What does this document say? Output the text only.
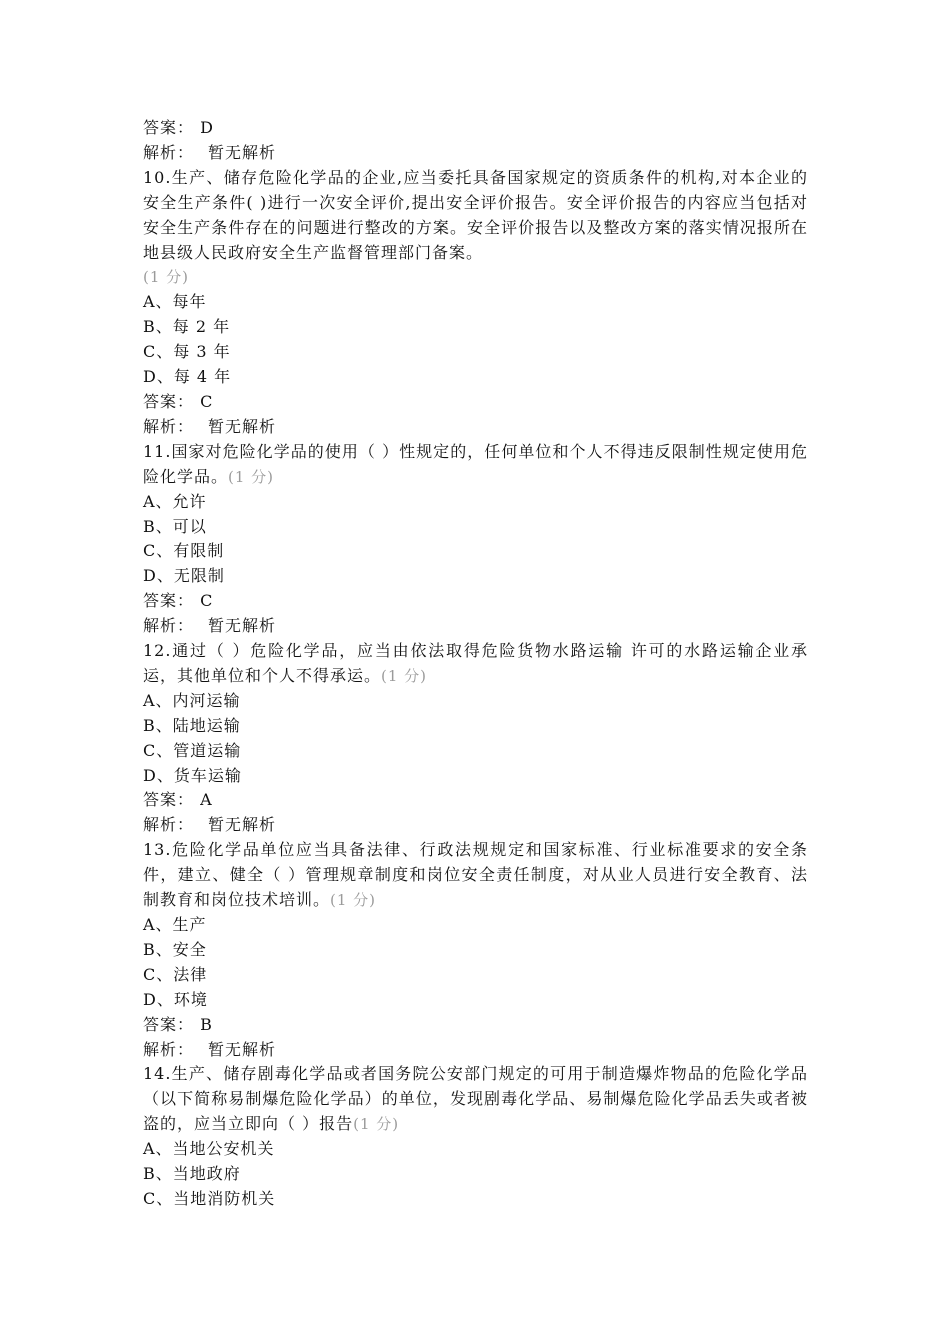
答案： D
解析： 暂无解析
10.生产、储存危险化学品的企业,应当委托具备国家规定的资质条件的机构,对本企业的安全生产条件( )进行一次安全评价,提出安全评价报告。安全评价报告的内容应当包括对安全生产条件存在的问题进行整改的方案。安全评价报告以及整改方案的落实情况报所在地县级人民政府安全生产监督管理部门备案。
(1 分)
A、每年
B、每 2 年
C、每 3 年
D、每 4 年
答案： C
解析： 暂无解析
11.国家对危险化学品的使用（ ）性规定的，任何单位和个人不得违反限制性规定使用危险化学品。(1 分)
A、允许
B、可以
C、有限制
D、无限制
答案： C
解析： 暂无解析
12.通过（ ）危险化学品，应当由依法取得危险货物水路运输 许可的水路运输企业承运，其他单位和个人不得承运。(1 分)
A、内河运输
B、陆地运输
C、管道运输
D、货车运输
答案： A
解析： 暂无解析
13.危险化学品单位应当具备法律、行政法规规定和国家标准、行业标准要求的安全条件，建立、健全（ ）管理规章制度和岗位安全责任制度，对从业人员进行安全教育、法制教育和岗位技术培训。(1 分)
A、生产
B、安全
C、法律
D、环境
答案： B
解析： 暂无解析
14.生产、储存剧毒化学品或者国务院公安部门规定的可用于制造爆炸物品的危险化学品（以下简称易制爆危险化学品）的单位，发现剧毒化学品、易制爆危险化学品丢失或者被盗的，应当立即向（ ）报告(1 分)
A、当地公安机关
B、当地政府
C、当地消防机关
